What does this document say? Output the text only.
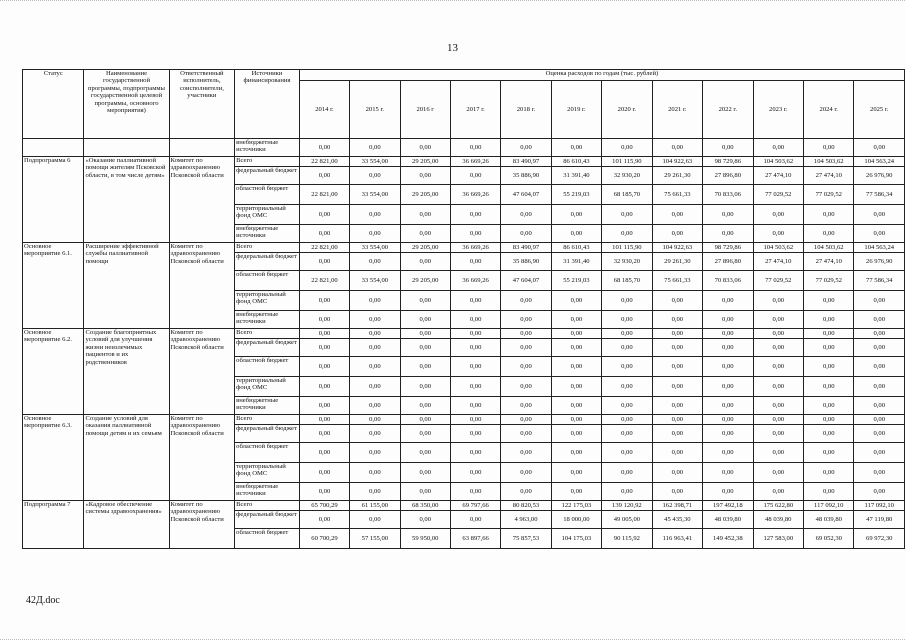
13
Статус	Наименование государственной программы, подпрограммы государственной целевой программы, основного мероприятия)	Ответственный исполнитель, соисполнители, участники	Источники финансирования	Оценка расходов по годам (тыс. рублей)											
				2014 г.	2015 г.	2016 г	2017 г.	2018 г.	2019 г.	2020 г.	2021 г.	2022 г.	2023 г.	2024 г.	2025 г.
			внебюджетные источники	0,00	0,00	0,00	0,00	0,00	0,00	0,00	0,00	0,00	0,00	0,00	0,00
Подпрограмма 6	«Оказание паллиативной помощи жителям Псковской области, в том числе детям»	Комитет по здравоохранению Псковской области	Всего	22 821,00	33 554,00	29 205,00	36 669,26	83 490,97	86 610,43	101 115,90	104 922,63	98 729,86	104 503,62	104 503,62	104 563,24
			федеральный бюджет	0,00	0,00	0,00	0,00	35 886,90	31 391,40	32 930,20	29 261,30	27 896,80	27 474,10	27 474,10	26 976,90
			областной бюджет	22 821,00	33 554,00	29 205,00	36 669,26	47 604,07	55 219,03	68 185,70	75 661,33	70 833,06	77 029,52	77 029,52	77 586,34
			территориальный фонд ОМС	0,00	0,00	0,00	0,00	0,00	0,00	0,00	0,00	0,00	0,00	0,00	0,00
			внебюджетные источники	0,00	0,00	0,00	0,00	0,00	0,00	0,00	0,00	0,00	0,00	0,00	0,00
Основное мероприятие 6.1.	Расширение эффективной службы паллиативной помощи	Комитет по здравоохранению Псковской области	Всего	22 821,00	33 554,00	29 205,00	36 669,26	83 490,97	86 610,43	101 115,90	104 922,63	98 729,86	104 503,62	104 503,62	104 563,24
			федеральный бюджет	0,00	0,00	0,00	0,00	35 886,90	31 391,40	32 930,20	29 261,30	27 896,80	27 474,10	27 474,10	26 976,90
			областной бюджет	22 821,00	33 554,00	29 205,00	36 669,26	47 604,07	55 219,03	68 185,70	75 661,33	70 833,06	77 029,52	77 029,52	77 586,34
			территориальный фонд ОМС	0,00	0,00	0,00	0,00	0,00	0,00	0,00	0,00	0,00	0,00	0,00	0,00
			внебюджетные источники	0,00	0,00	0,00	0,00	0,00	0,00	0,00	0,00	0,00	0,00	0,00	0,00
Основное мероприятие 6.2.	Создание благоприятных условий для улучшения жизни неизлечимых пациентов и их родственников	Комитет по здравоохранению Псковской области	Всего	0,00	0,00	0,00	0,00	0,00	0,00	0,00	0,00	0,00	0,00	0,00	0,00
			федеральный бюджет	0,00	0,00	0,00	0,00	0,00	0,00	0,00	0,00	0,00	0,00	0,00	0,00
			областной бюджет	0,00	0,00	0,00	0,00	0,00	0,00	0,00	0,00	0,00	0,00	0,00	0,00
			территориальный фонд ОМС	0,00	0,00	0,00	0,00	0,00	0,00	0,00	0,00	0,00	0,00	0,00	0,00
			внебюджетные источники	0,00	0,00	0,00	0,00	0,00	0,00	0,00	0,00	0,00	0,00	0,00	0,00
Основное мероприятие 6.3.	Создание условий для оказания паллиативной помощи детям и их семьям	Комитет по здравоохранению Псковской области	Всего	0,00	0,00	0,00	0,00	0,00	0,00	0,00	0,00	0,00	0,00	0,00	0,00
			федеральный бюджет	0,00	0,00	0,00	0,00	0,00	0,00	0,00	0,00	0,00	0,00	0,00	0,00
			областной бюджет	0,00	0,00	0,00	0,00	0,00	0,00	0,00	0,00	0,00	0,00	0,00	0,00
			территориальный фонд ОМС	0,00	0,00	0,00	0,00	0,00	0,00	0,00	0,00	0,00	0,00	0,00	0,00
			внебюджетные источники	0,00	0,00	0,00	0,00	0,00	0,00	0,00	0,00	0,00	0,00	0,00	0,00
Подпрограмма 7	«Кадровое обеспечение системы здравоохранения»	Комитет по здравоохранению Псковской области	Всего	65 700,29	61 155,00	68 350,00	69 797,66	80 820,53	122 175,03	139 120,92	162 398,71	197 492,18	175 622,80	117 092,10	117 092,10
			федеральный бюджет	0,00	0,00	0,00	0,00	4 963,00	18 000,00	49 005,00	45 435,30	48 039,80	48 039,80	48 039,80	47 119,80
			областной бюджет	60 700,29	57 155,00	59 950,00	63 897,66	75 857,53	104 175,03	90 115,92	116 963,41	149 452,38	127 583,00	69 052,30	69 972,30
42Д.doc
